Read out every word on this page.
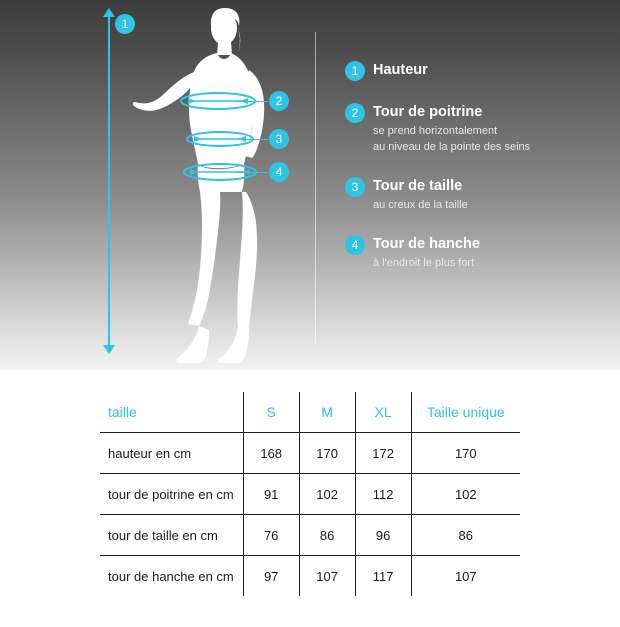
1
2
3
4
1	Hauteur
2	Tour de poitrine
se prend horizontalement
au niveau de la pointe des seins
3	Tour de taille
au creux de la taille
4	Tour de hanche
à l'endroit le plus fort
taille	S	M	XL	Taille unique
hauteur en cm	168	170	172	170
tour de poitrine en cm	91	102	112	102
tour de taille en cm	76	86	96	86
tour de hanche en cm	97	107	117	107
